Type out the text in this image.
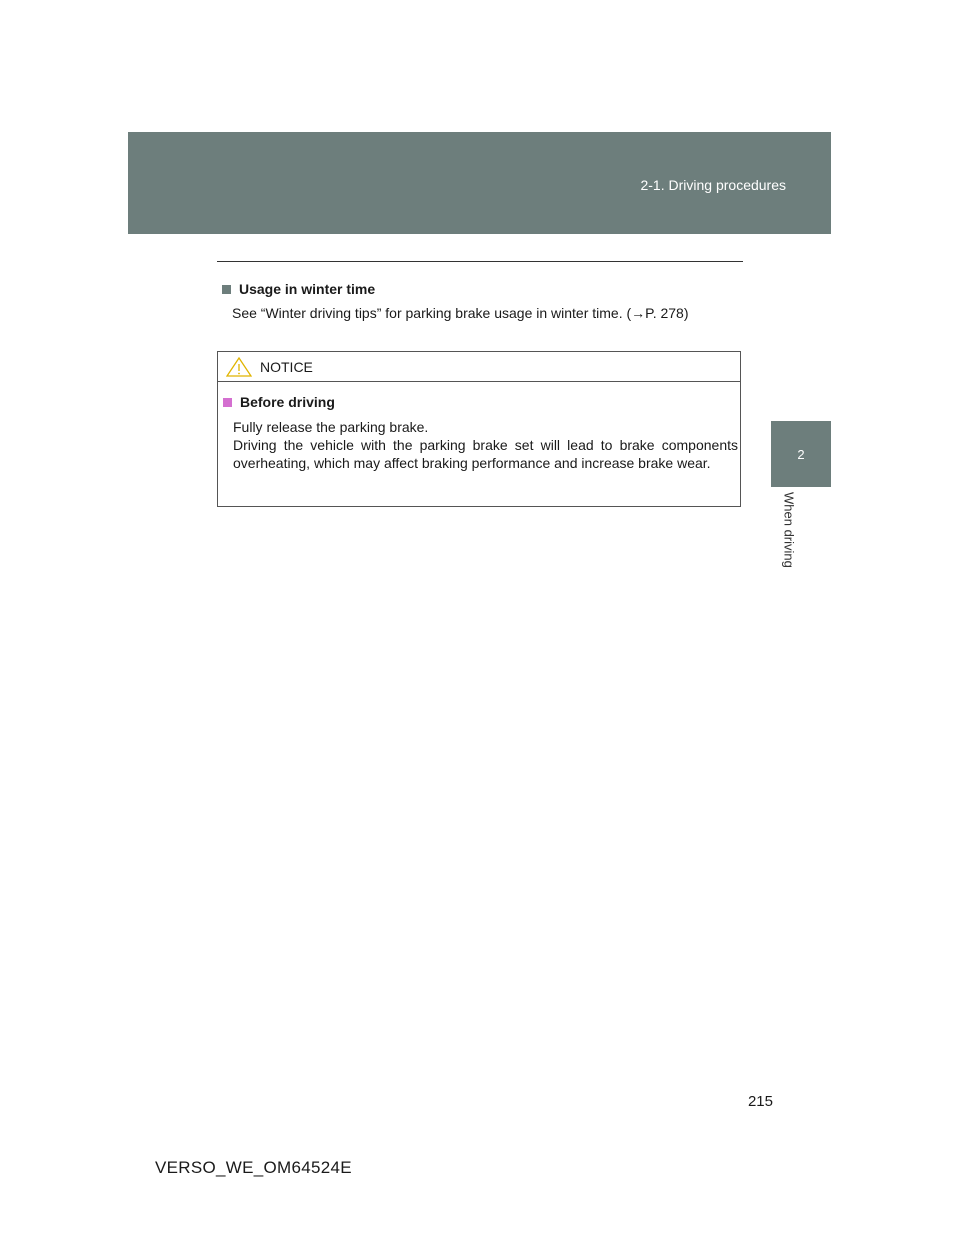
2-1. Driving procedures
2
When driving
Usage in winter time

See “Winter driving tips” for parking brake usage in winter time. (→P. 278)

NOTICE
Before driving
Fully release the parking brake.
Driving the vehicle with the parking brake set will lead to brake components overheating, which may affect braking performance and increase brake wear.
215
VERSO_WE_OM64524E
